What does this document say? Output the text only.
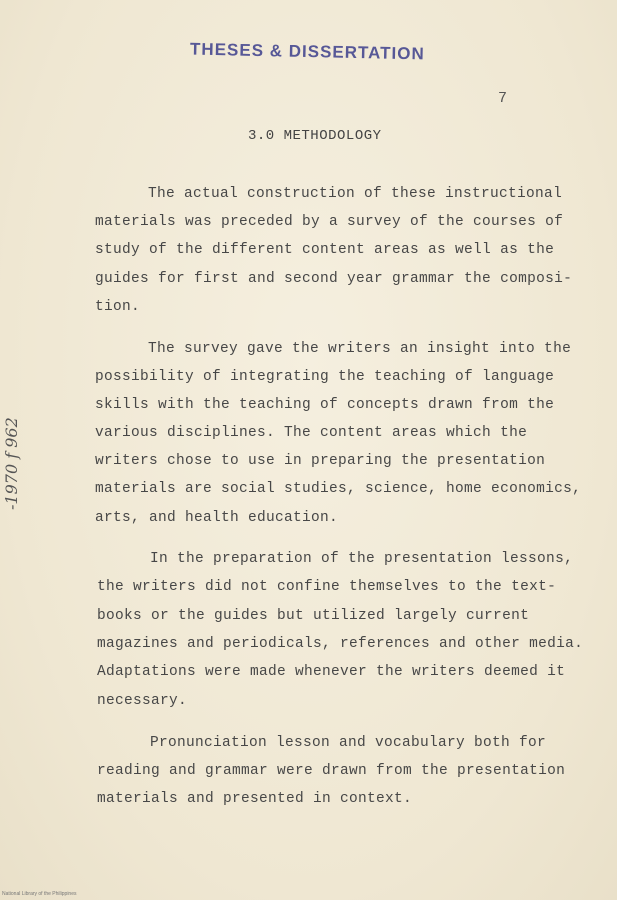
THESES & DISSERTATION
7
3.0 METHODOLOGY
The actual construction of these instructional
materials was preceded by a survey of the courses of
study of the different content areas as well as the
guides for first and second year grammar the composi-
tion.
The survey gave the writers an insight into the
possibility of integrating the teaching of language
skills with the teaching of concepts drawn from the
various disciplines. The content areas which the
writers chose to use in preparing the presentation
materials are social studies, science, home economics,
arts, and health education.
In the preparation of the presentation lessons,
the writers did not confine themselves to the text-
books or the guides but utilized largely current
magazines and periodicals, references and other media.
Adaptations were made whenever the writers deemed it
necessary.
Pronunciation lesson and vocabulary both for
reading and grammar were drawn from the presentation
materials and presented in context.
-1970 f 962
National Library of the Philippines
